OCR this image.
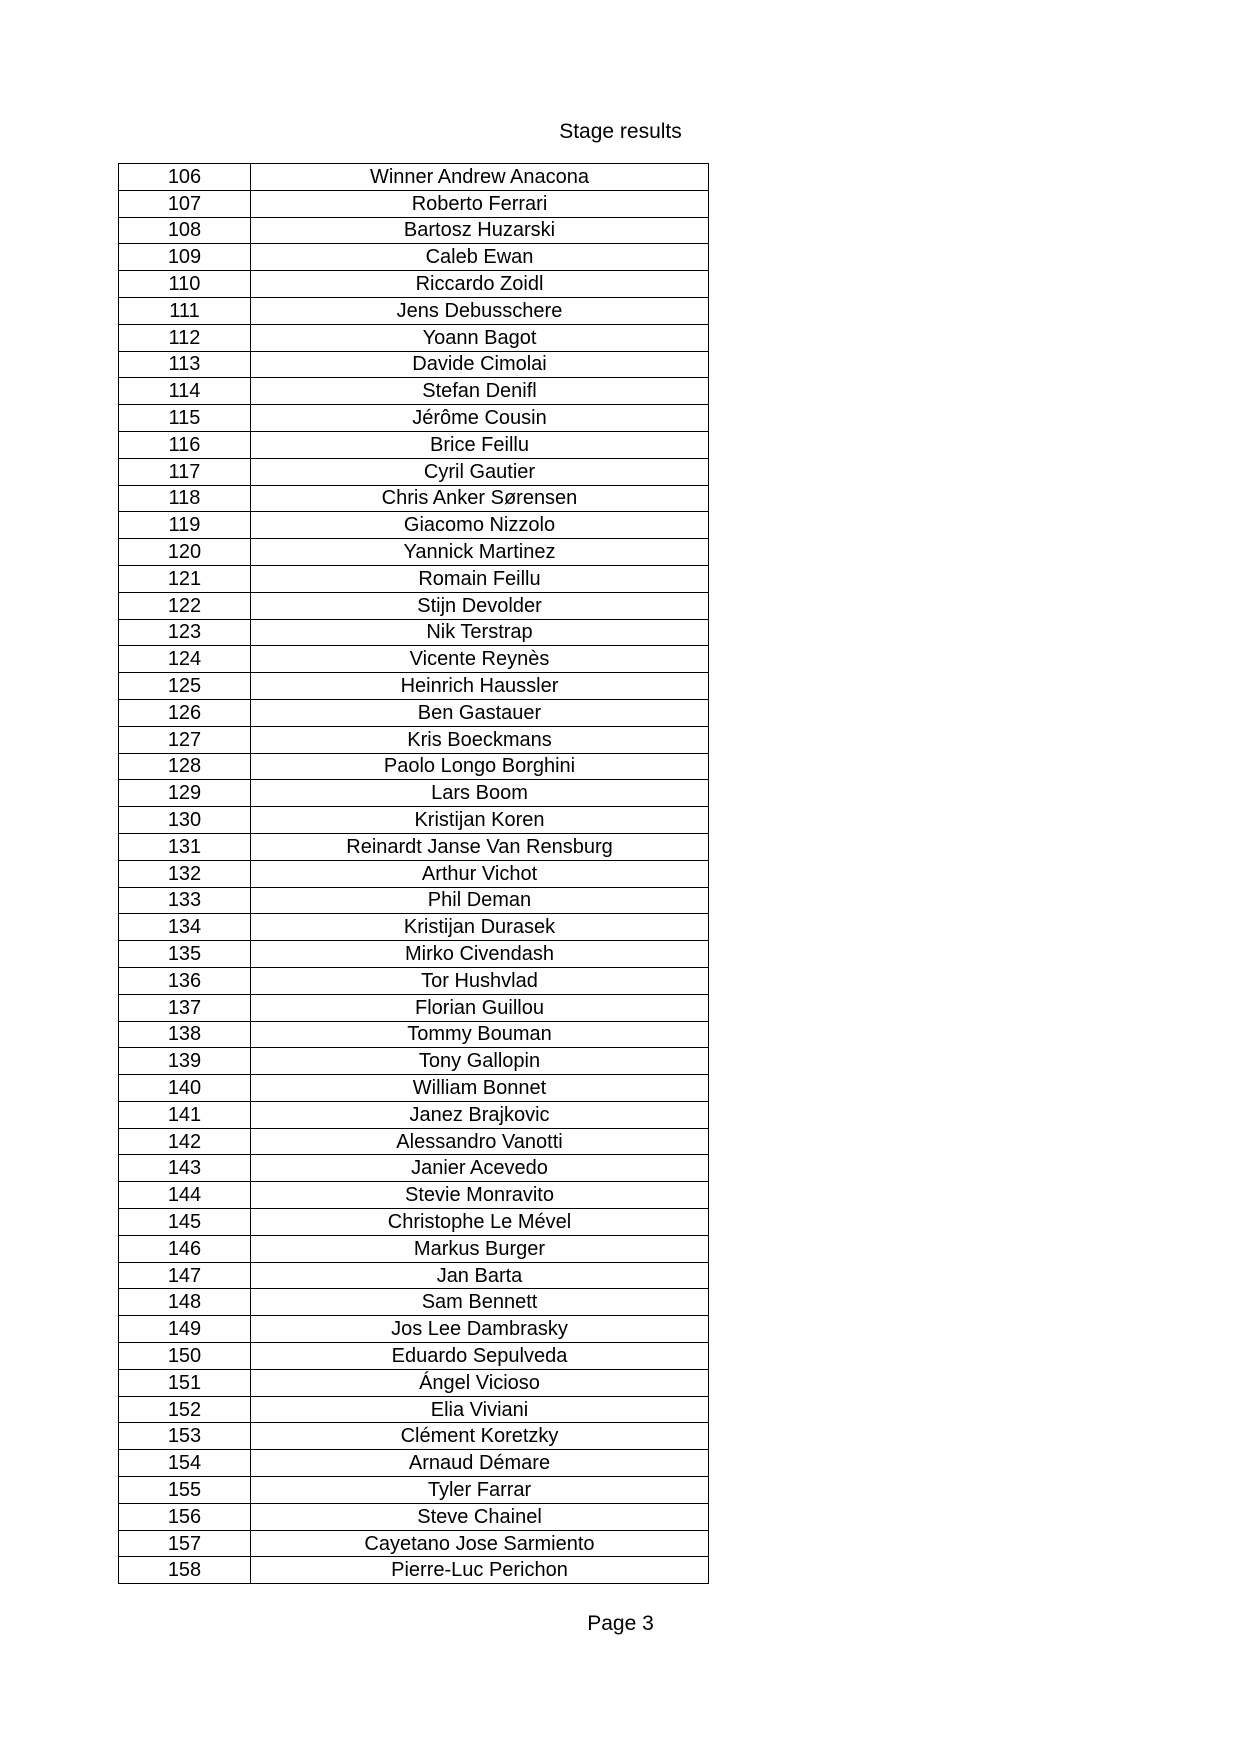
Stage results
106	Winner Andrew Anacona
107	Roberto Ferrari
108	Bartosz Huzarski
109	Caleb Ewan
110	Riccardo Zoidl
111	Jens Debusschere
112	Yoann Bagot
113	Davide Cimolai
114	Stefan Denifl
115	Jérôme Cousin
116	Brice Feillu
117	Cyril Gautier
118	Chris Anker Sørensen
119	Giacomo Nizzolo
120	Yannick Martinez
121	Romain Feillu
122	Stijn Devolder
123	Nik Terstrap
124	Vicente Reynès
125	Heinrich Haussler
126	Ben Gastauer
127	Kris Boeckmans
128	Paolo Longo Borghini
129	Lars Boom
130	Kristijan Koren
131	Reinardt Janse Van Rensburg
132	Arthur Vichot
133	Phil Deman
134	Kristijan Durasek
135	Mirko Civendash
136	Tor Hushvlad
137	Florian Guillou
138	Tommy Bouman
139	Tony Gallopin
140	William Bonnet
141	Janez Brajkovic
142	Alessandro Vanotti
143	Janier Acevedo
144	Stevie Monravito
145	Christophe Le Mével
146	Markus Burger
147	Jan Barta
148	Sam Bennett
149	Jos Lee Dambrasky
150	Eduardo Sepulveda
151	Ángel Vicioso
152	Elia Viviani
153	Clément Koretzky
154	Arnaud Démare
155	Tyler Farrar
156	Steve Chainel
157	Cayetano Jose Sarmiento
158	Pierre-Luc Perichon
Page 3
